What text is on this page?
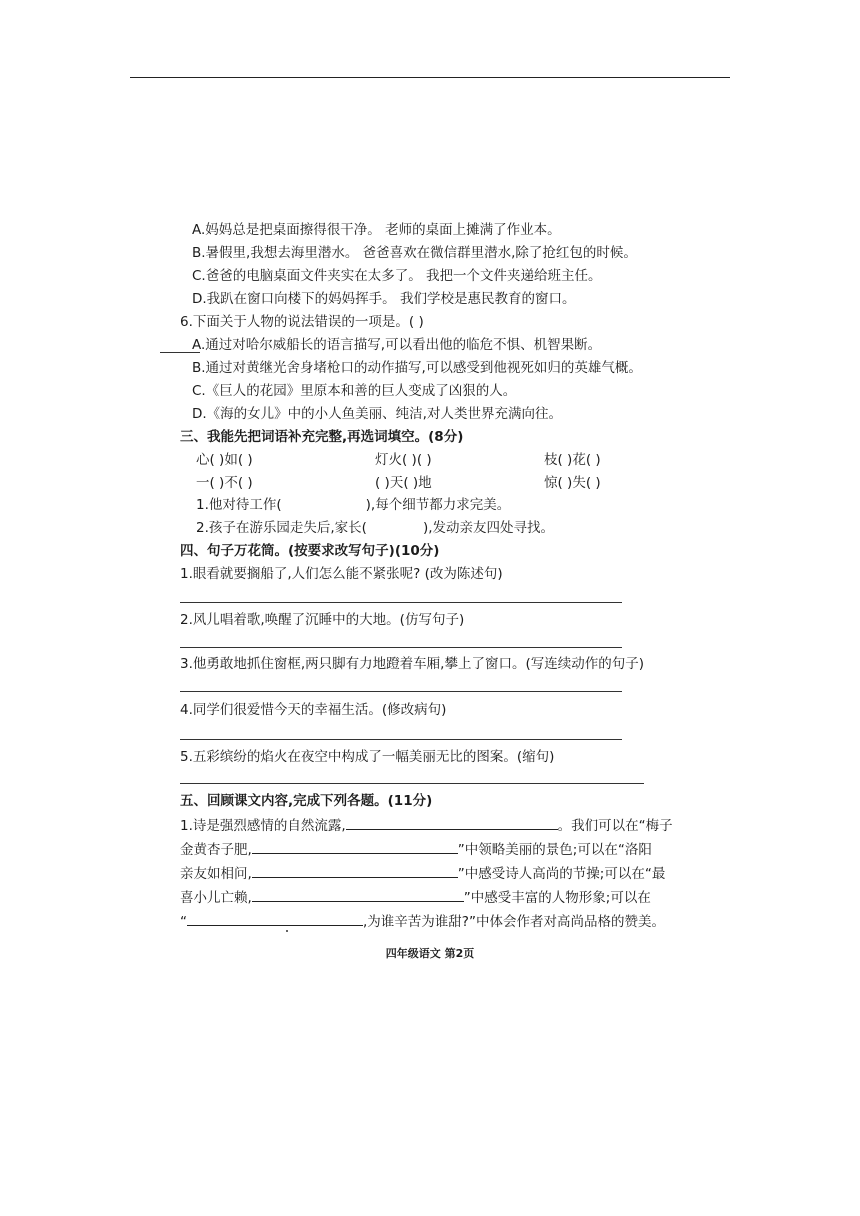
A.妈妈总是把桌面擦得很干净。 老师的桌面上摊满了作业本。
B.暑假里,我想去海里潜水。 爸爸喜欢在微信群里潜水,除了抢红包的时候。
C.爸爸的电脑桌面文件夹实在太多了。 我把一个文件夹递给班主任。
D.我趴在窗口向楼下的妈妈挥手。 我们学校是惠民教育的窗口。
6.下面关于人物的说法错误的一项是。( )
A.通过对哈尔威船长的语言描写,可以看出他的临危不惧、机智果断。
B.通过对黄继光舍身堵枪口的动作描写,可以感受到他视死如归的英雄气概。
C.《巨人的花园》里原本和善的巨人变成了凶狠的人。
D.《海的女儿》中的小人鱼美丽、纯洁,对人类世界充满向往。
三、我能先把词语补充完整,再选词填空。(8分)
心( )如( )	灯火( )( )	枝( )花( )
一( )不( )	( )天( )地	惊( )失( )
1.他对待工作(	),每个细节都力求完美。
2.孩子在游乐园走失后,家长(	),发动亲友四处寻找。
四、句子万花筒。(按要求改写句子)(10分)
1.眼看就要搁船了,人们怎么能不紧张呢? (改为陈述句)
2.风儿唱着歌,唤醒了沉睡中的大地。(仿写句子)
3.他勇敢地抓住窗框,两只脚有力地蹬着车厢,攀上了窗口。(写连续动作的句子)
4.同学们很爱惜今天的幸福生活。(修改病句)
5.五彩缤纷的焰火在夜空中构成了一幅美丽无比的图案。(缩句)
五、回顾课文内容,完成下列各题。(11分)
1.诗是强烈感情的自然流露,	。我们可以在“梅子
金黄杏子肥,	”中领略美丽的景色;可以在“洛阳
亲友如相问,	”中感受诗人高尚的节操;可以在“最
喜小儿亡赖,	”中感受丰富的人物形象;可以在
“	,为谁辛苦为谁甜?”中体会作者对高尚品格的赞美。
四年级语文 第2页
